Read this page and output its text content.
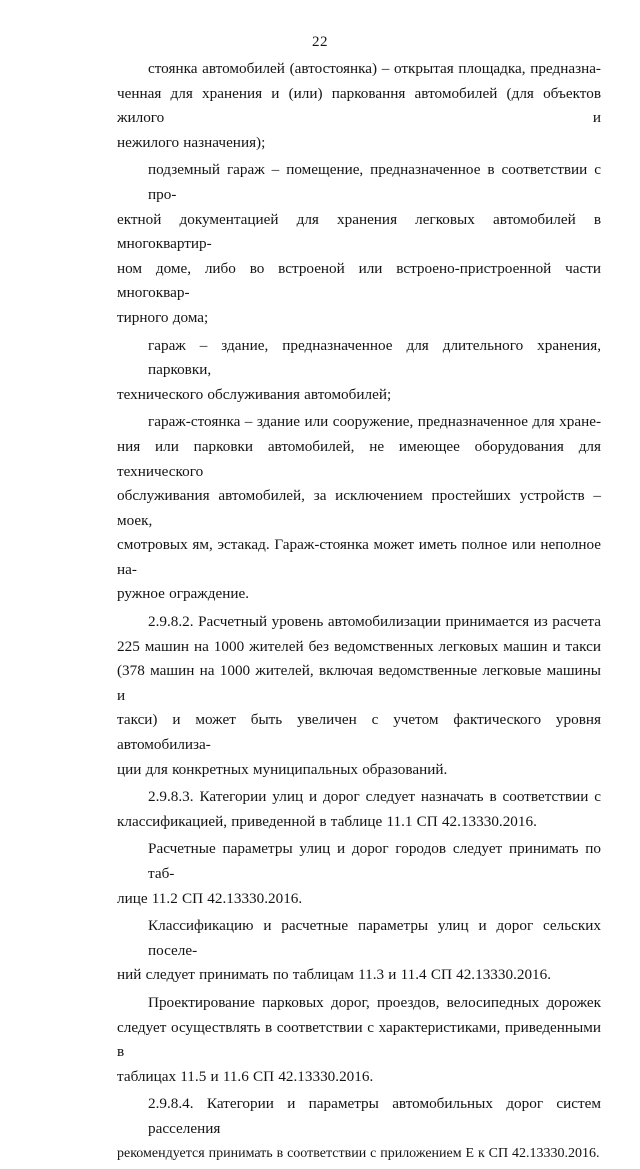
22

стоянка автомобилей (автостоянка) – открытая площадка, предназна-
ченная для хранения и (или) парковання автомобилей (для объектов жилого и
нежилого назначения);

подземный гараж – помещение, предназначенное в соответствии с про-
ектной документацией для хранения легковых автомобилей в многоквартир-
ном доме, либо во встроеной или встроено-пристроенной части многоквар-
тирного дома;

гараж – здание, предназначенное для длительного хранения, парковки,
технического обслуживания автомобилей;

гараж-стоянка – здание или сооружение, предназначенное для хране-
ния или парковки автомобилей, не имеющее оборудования для технического
обслуживания автомобилей, за исключением простейших устройств – моек,
смотровых ям, эстакад. Гараж-стоянка может иметь полное или неполное на-
ружное ограждение.

2.9.8.2. Расчетный уровень автомобилизации принимается из расчета
225 машин на 1000 жителей без ведомственных легковых машин и такси
(378 машин на 1000 жителей, включая ведомственные легковые машины и
такси) и может быть увеличен с учетом фактического уровня автомобилиза-
ции для конкретных муниципальных образований.

2.9.8.3. Категории улиц и дорог следует назначать в соответствии с
классификацией, приведенной в таблице 11.1 СП 42.13330.2016.

Расчетные параметры улиц и дорог городов следует принимать по таб-
лице 11.2 СП 42.13330.2016.

Классификацию и расчетные параметры улиц и дорог сельских поселе-
ний следует принимать по таблицам 11.3 и 11.4 СП 42.13330.2016.

Проектирование парковых дорог, проездов, велосипедных дорожек
следует осуществлять в соответствии с характеристиками, приведенными в
таблицах 11.5 и 11.6 СП 42.13330.2016.

2.9.8.4. Категории и параметры автомобильных дорог систем расселения
рекомендуется принимать в соответствии с приложением Е к СП 42.13330.2016.
